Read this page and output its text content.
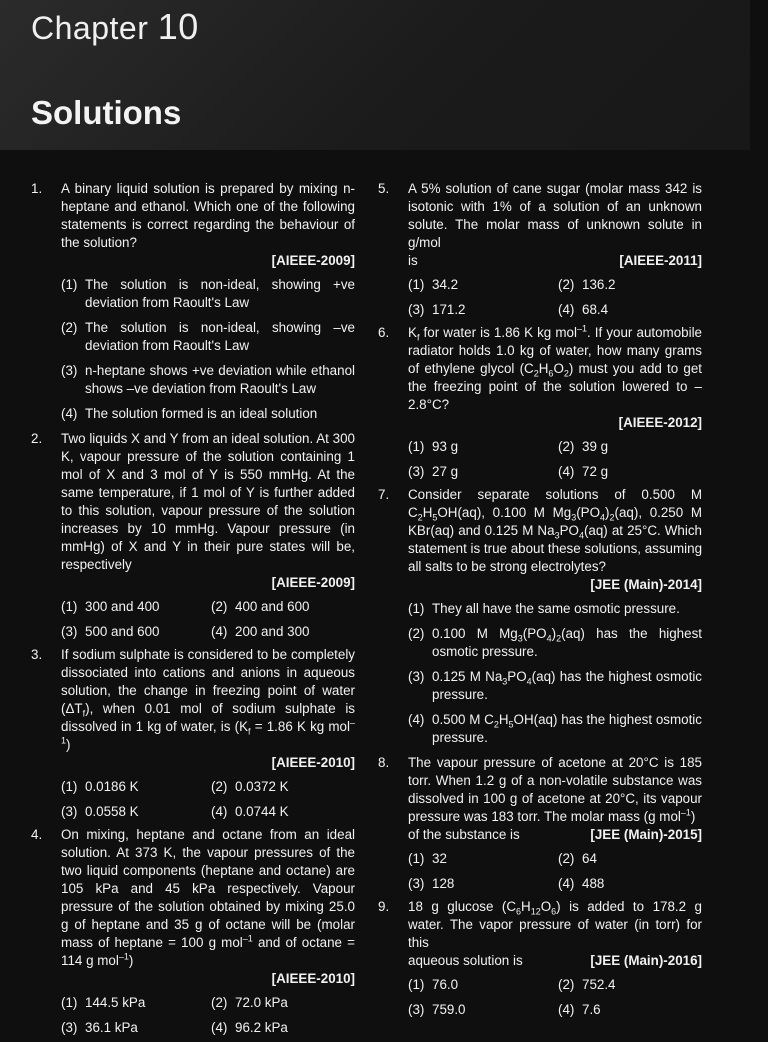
Chapter 10
Solutions
1. A binary liquid solution is prepared by mixing n-heptane and ethanol. Which one of the following statements is correct regarding the behaviour of the solution?
[AIEEE-2009]
(1) The solution is non-ideal, showing +ve deviation from Raoult's Law
(2) The solution is non-ideal, showing –ve deviation from Raoult's Law
(3) n-heptane shows +ve deviation while ethanol shows –ve deviation from Raoult's Law
(4) The solution formed is an ideal solution
2. Two liquids X and Y from an ideal solution. At 300 K, vapour pressure of the solution containing 1 mol of X and 3 mol of Y is 550 mmHg. At the same temperature, if 1 mol of Y is further added to this solution, vapour pressure of the solution increases by 10 mmHg. Vapour pressure (in mmHg) of X and Y in their pure states will be, respectively
[AIEEE-2009]
(1) 300 and 400	(2) 400 and 600
(3) 500 and 600	(4) 200 and 300
3. If sodium sulphate is considered to be completely dissociated into cations and anions in aqueous solution, the change in freezing point of water $(\Delta T_f)$, when 0.01 mol of sodium sulphate is dissolved in 1 kg of water, is ($K_f = 1.86$ K kg mol$^{-1}$)
[AIEEE-2010]
(1) 0.0186 K	(2) 0.0372 K
(3) 0.0558 K	(4) 0.0744 K
4. On mixing, heptane and octane from an ideal solution. At 373 K, the vapour pressures of the two liquid components (heptane and octane) are 105 kPa and 45 kPa respectively. Vapour pressure of the solution obtained by mixing 25.0 g of heptane and 35 g of octane will be (molar mass of heptane = 100 g mol$^{-1}$ and of octane = 114 g mol$^{-1}$)
[AIEEE-2010]
(1) 144.5 kPa	(2) 72.0 kPa
(3) 36.1 kPa	(4) 96.2 kPa
5. A 5% solution of cane sugar (molar mass 342 is isotonic with 1% of a solution of an unknown solute. The molar mass of unknown solute in g/mol
is	[AIEEE-2011]
(1) 34.2	(2) 136.2
(3) 171.2	(4) 68.4
6. $K_f$ for water is 1.86 K kg mol$^{-1}$. If your automobile radiator holds 1.0 kg of water, how many grams of ethylene glycol $(C_2H_6O_2)$ must you add to get the freezing point of the solution lowered to – 2.8°C?
[AIEEE-2012]
(1) 93 g	(2) 39 g
(3) 27 g	(4) 72 g
7. Consider separate solutions of 0.500 M $C_2H_5OH(aq)$, 0.100 M $Mg_3(PO_4)_2(aq)$, 0.250 M KBr(aq) and 0.125 M $Na_3PO_4(aq)$ at 25°C. Which statement is true about these solutions, assuming all salts to be strong electrolytes?
[JEE (Main)-2014]
(1) They all have the same osmotic pressure.
(2) 0.100 M $Mg_3(PO_4)_2(aq)$ has the highest osmotic pressure.
(3) 0.125 M $Na_3PO_4(aq)$ has the highest osmotic pressure.
(4) 0.500 M $C_2H_5OH(aq)$ has the highest osmotic pressure.
8. The vapour pressure of acetone at 20°C is 185 torr. When 1.2 g of a non-volatile substance was dissolved in 100 g of acetone at 20°C, its vapour pressure was 183 torr. The molar mass (g mol$^{-1}$)
of the substance is	[JEE (Main)-2015]
(1) 32	(2) 64
(3) 128	(4) 488
9. 18 g glucose $(C_6H_{12}O_6)$ is added to 178.2 g water. The vapor pressure of water (in torr) for this
aqueous solution is	[JEE (Main)-2016]
(1) 76.0	(2) 752.4
(3) 759.0	(4) 7.6
